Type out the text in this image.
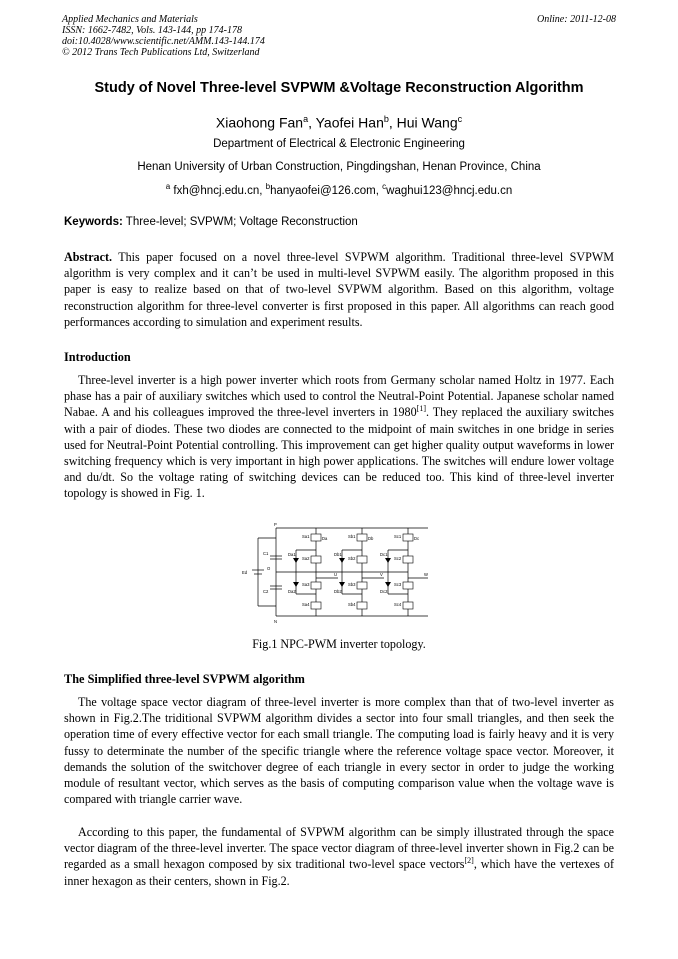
Applied Mechanics and Materials
ISSN: 1662-7482, Vols. 143-144, pp 174-178
doi:10.4028/www.scientific.net/AMM.143-144.174
© 2012 Trans Tech Publications Ltd, Switzerland
Online: 2011-12-08
Study of Novel Three-level SVPWM &Voltage Reconstruction Algorithm
Xiaohong Fan$^a$, Yaofei Han$^b$, Hui Wang$^c$
Department of Electrical & Electronic Engineering
Henan University of Urban Construction, Pingdingshan, Henan Province, China
$^a$ fxh@hncj.edu.cn, $^b$hanyaofei@126.com, $^c$waghui123@hncj.edu.cn
Keywords: Three-level; SVPWM; Voltage Reconstruction
Abstract. This paper focused on a novel three-level SVPWM algorithm. Traditional three-level SVPWM algorithm is very complex and it can’t be used in multi-level SVPWM easily. The algorithm proposed in this paper is easy to realize based on that of two-level SVPWM algorithm. Based on this algorithm, voltage reconstruction algorithm for three-level converter is first proposed in this paper. All algorithms can reach good performances according to simulation and experiment results.
Introduction
Three-level inverter is a high power inverter which roots from Germany scholar named Holtz in 1977. Each phase has a pair of auxiliary switches which used to control the Neutral-Point Potential. Japanese scholar named Nabae. A and his colleagues improved the three-level inverters in 1980[1]. They replaced the auxiliary switches with a pair of diodes. These two diodes are connected to the midpoint of main switches in one bridge in series used for Neutral-Point Potential controlling. This improvement can get higher quality output waveforms in lower switching frequency which is very important in high power applications. The switches will endure lower voltage and du/dt. So the voltage rating of switching devices can be reduced too. This kind of three-level inverter topology is showed in Fig. 1.
P
O
N
C1
C2
Ed	U	V	W
Sa1
Sa2
Sa3
Sa4
Sb1
Sb2
Sb3
Sb4
Sc1
Sc2
Sc3
Sc4
Da1
Da2
Db1
Db2
Dc1
Dc2
Da	Db	Dc
Fig.1 NPC-PWM inverter topology.
The Simplified three-level SVPWM algorithm
The voltage space vector diagram of three-level inverter is more complex than that of two-level inverter as shown in Fig.2.The triditional SVPWM algorithm divides a sector into four small triangles, and then seek the operation time of every effective vector for each small triangle. The computing load is fairly heavy and it is very fussy to determinate the number of the specific triangle where the reference voltage space vector. Moreover, it demands the solution of the switchover degree of each triangle in every sector in order to judge the working module of resultant vector, which serves as the basis of computing comparison value when the voltage wave is compared with triangle carrier wave.
According to this paper, the fundamental of SVPWM algorithm can be simply illustrated through the space vector diagram of the three-level inverter. The space vector diagram of three-level inverter shown in Fig.2 can be regarded as a small hexagon composed by six traditional two-level space vectors[2], which have the vertexes of inner hexagon as their centers, shown in Fig.2.
